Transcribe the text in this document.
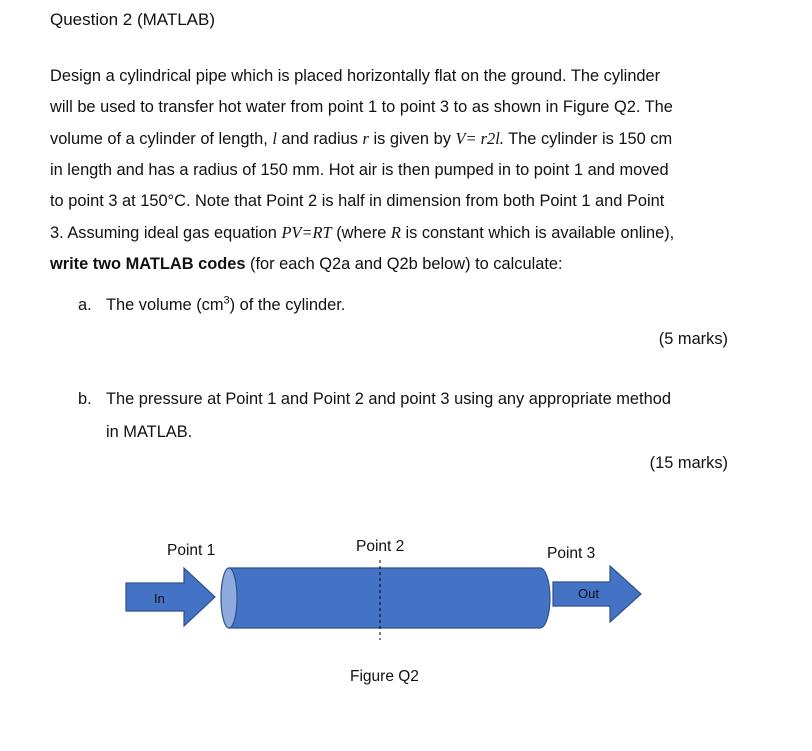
Question 2 (MATLAB)

Design a cylindrical pipe which is placed horizontally flat on the ground. The cylinder
will be used to transfer hot water from point 1 to point 3 to as shown in Figure Q2. The
volume of a cylinder of length, l and radius r is given by V= r2l. The cylinder is 150 cm
in length and has a radius of 150 mm. Hot air is then pumped in to point 1 and moved
to point 3 at 150°C. Note that Point 2 is half in dimension from both Point 1 and Point
3. Assuming ideal gas equation PV=RT (where R is constant which is available online),
write two MATLAB codes (for each Q2a and Q2b below) to calculate:

a. The volume $(cm^3)$ of the cylinder.
(5 marks)
b. The pressure at Point 1 and Point 2 and point 3 using any appropriate method
in MATLAB.
(15 marks)
Point 1	Point 2	Point 3
In	Out
Figure Q2
